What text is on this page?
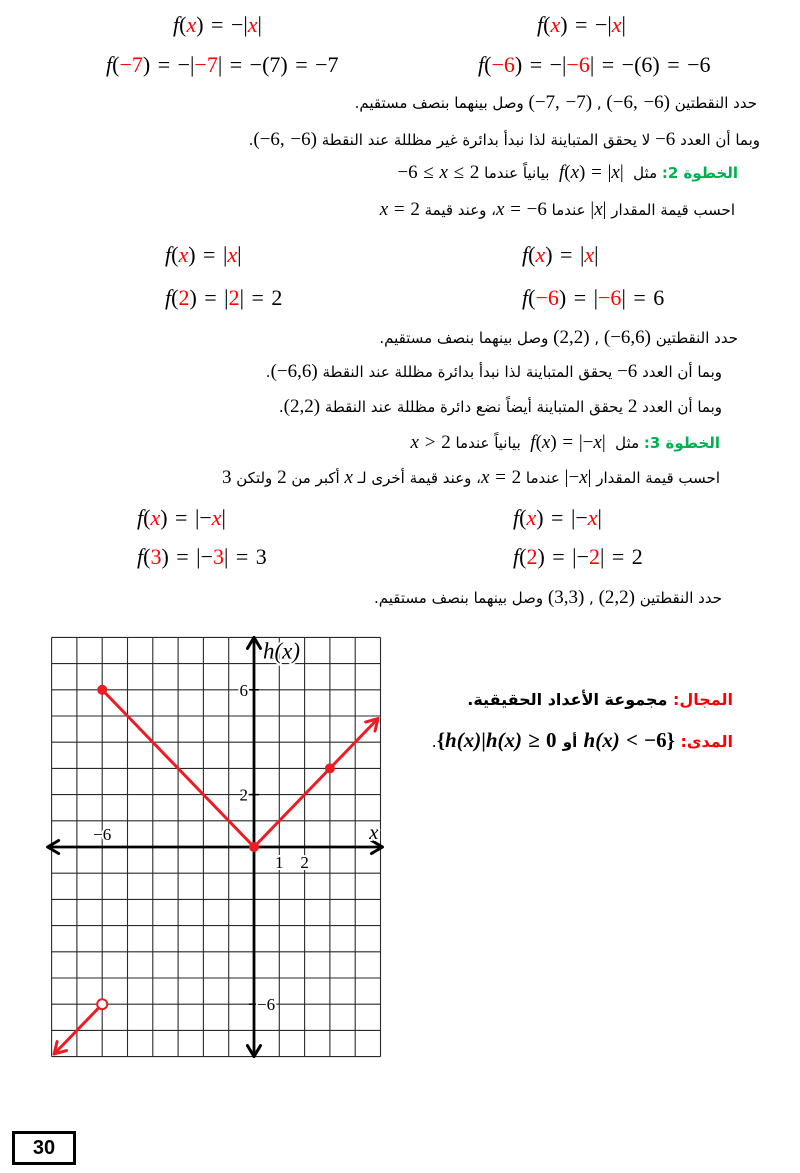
f(x) = −|x|	f(x) = −|x|
f(−7) = −|−7| = −(7) = −7	f(−6) = −|−6| = −(6) = −6
حدد النقطتين (−6, −6) , (−7, −7) وصل بينهما بنصف مستقيم.
وبما أن العدد −6 لا يحقق المتباينة لذا نبدأ بدائرة غير مظللة عند النقطة (−6, −6).
الخطوة 2: مثل  f(x) = |x|  بيانياً عندما −6 ≤ x ≤ 2
احسب قيمة المقدار |x| عندما x = −6، وعند قيمة x = 2
f(x) = |x|	f(x) = |x|
f(2) = |2| = 2	f(−6) = |−6| = 6
حدد النقطتين (−6,6) , (2,2) وصل بينهما بنصف مستقيم.
وبما أن العدد −6 يحقق المتباينة لذا نبدأ بدائرة مظللة عند النقطة (−6,6).
وبما أن العدد 2 يحقق المتباينة أيضاً نضع دائرة مظللة عند النقطة (2,2).
الخطوة 3: مثل  f(x) = |−x|  بيانياً عندما x > 2
احسب قيمة المقدار |−x| عندما x = 2، وعند قيمة أخرى لـ x أكبر من 2 ولتكن 3
f(x) = |−x|	f(x) = |−x|
f(3) = |−3| = 3	f(2) = |−2| = 2
حدد النقطتين (2,2) , (3,3) وصل بينهما بنصف مستقيم.
6
2
−6
−6
1 2
h(x)
x
المجال: مجموعة الأعداد الحقيقية.
المدى: {h(x)|h(x) ≥ 0 أو h(x) < −6}.
30
